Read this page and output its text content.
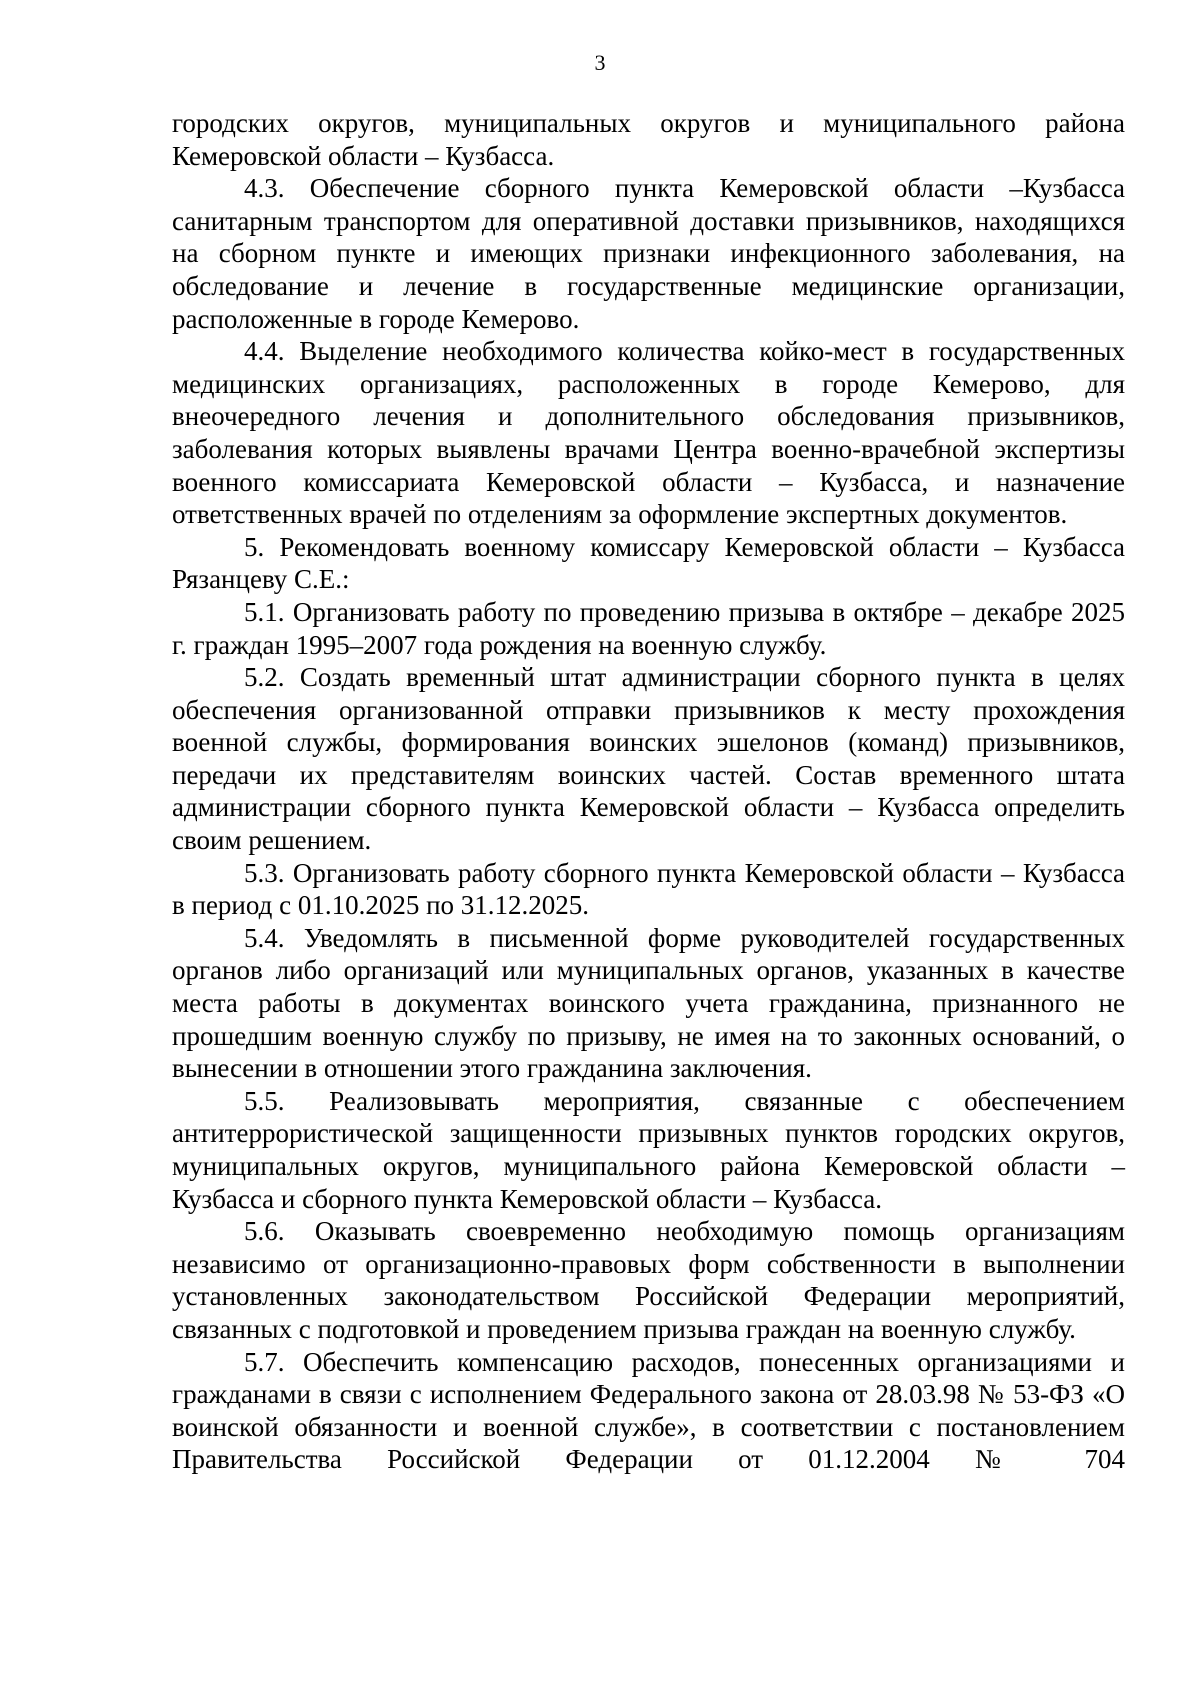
3

городских округов, муниципальных округов и муниципального района Кемеровской области – Кузбасса.

4.3. Обеспечение сборного пункта Кемеровской области –Кузбасса санитарным транспортом для оперативной доставки призывников, находящихся на сборном пункте и имеющих признаки инфекционного заболевания, на обследование и лечение в государственные медицинские организации, расположенные в городе Кемерово.

4.4. Выделение необходимого количества койко-мест в государственных медицинских организациях, расположенных в городе Кемерово, для внеочередного лечения и дополнительного обследования призывников, заболевания которых выявлены врачами Центра военно-врачебной экспертизы военного комиссариата Кемеровской области – Кузбасса, и назначение ответственных врачей по отделениям за оформление экспертных документов.

5. Рекомендовать военному комиссару Кемеровской области – Кузбасса Рязанцеву С.Е.:

5.1. Организовать работу по проведению призыва в октябре – декабре 2025 г. граждан 1995–2007 года рождения на военную службу.

5.2. Создать временный штат администрации сборного пункта в целях обеспечения организованной отправки призывников к месту прохождения военной службы, формирования воинских эшелонов (команд) призывников, передачи их представителям воинских частей. Состав временного штата администрации сборного пункта Кемеровской области – Кузбасса определить своим решением.

5.3. Организовать работу сборного пункта Кемеровской области – Кузбасса в период с 01.10.2025 по 31.12.2025.

5.4. Уведомлять в письменной форме руководителей государственных органов либо организаций или муниципальных органов, указанных в качестве места работы в документах воинского учета гражданина, признанного не прошедшим военную службу по призыву, не имея на то законных оснований, о вынесении в отношении этого гражданина заключения.

5.5. Реализовывать мероприятия, связанные с обеспечением антитеррористической защищенности призывных пунктов городских округов, муниципальных округов, муниципального района Кемеровской области – Кузбасса и сборного пункта Кемеровской области – Кузбасса.

5.6. Оказывать своевременно необходимую помощь организациям независимо от организационно-правовых форм собственности в выполнении установленных законодательством Российской Федерации мероприятий, связанных с подготовкой и проведением призыва граждан на военную службу.

5.7. Обеспечить компенсацию расходов, понесенных организациями и гражданами в связи с исполнением Федерального закона от 28.03.98 № 53-ФЗ «О воинской обязанности и военной службе», в соответствии с постановлением Правительства Российской Федерации от 01.12.2004 № 704
